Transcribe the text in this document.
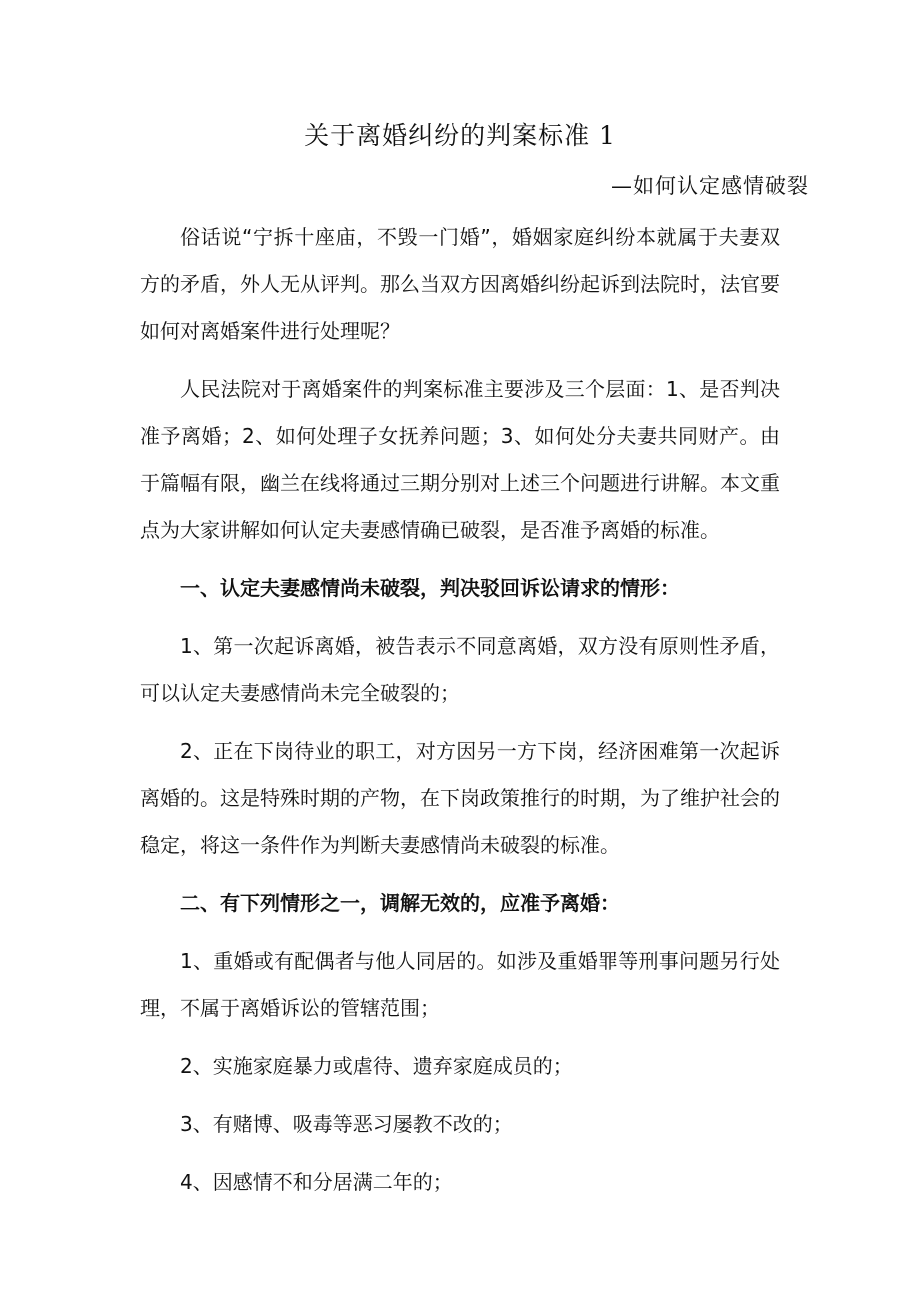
关于离婚纠纷的判案标准 1
—如何认定感情破裂

俗话说“宁拆十座庙，不毁一门婚”，婚姻家庭纠纷本就属于夫妻双方的矛盾，外人无从评判。那么当双方因离婚纠纷起诉到法院时，法官要如何对离婚案件进行处理呢？

人民法院对于离婚案件的判案标准主要涉及三个层面：1、是否判决准予离婚；2、如何处理子女抚养问题；3、如何处分夫妻共同财产。由于篇幅有限，幽兰在线将通过三期分别对上述三个问题进行讲解。本文重点为大家讲解如何认定夫妻感情确已破裂，是否准予离婚的标准。

一、认定夫妻感情尚未破裂，判决驳回诉讼请求的情形：

1、第一次起诉离婚，被告表示不同意离婚，双方没有原则性矛盾，可以认定夫妻感情尚未完全破裂的；

2、正在下岗待业的职工，对方因另一方下岗，经济困难第一次起诉离婚的。这是特殊时期的产物，在下岗政策推行的时期，为了维护社会的稳定，将这一条件作为判断夫妻感情尚未破裂的标准。

二、有下列情形之一，调解无效的，应准予离婚：

1、重婚或有配偶者与他人同居的。如涉及重婚罪等刑事问题另行处理，不属于离婚诉讼的管辖范围；

2、实施家庭暴力或虐待、遗弃家庭成员的；

3、有赌博、吸毒等恶习屡教不改的；

4、因感情不和分居满二年的；
